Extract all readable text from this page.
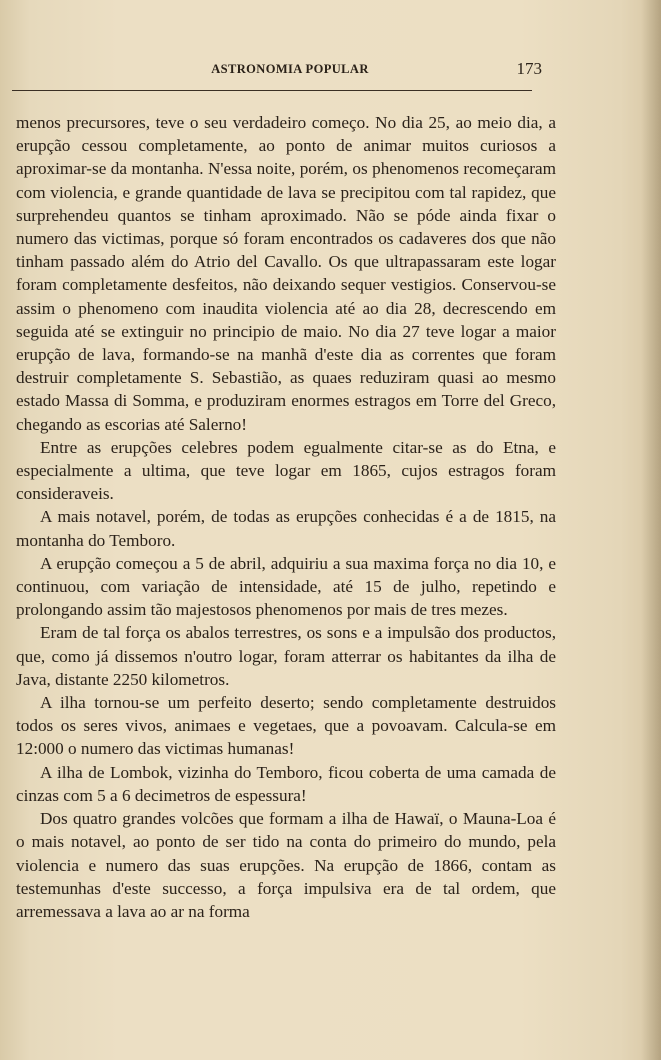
ASTRONOMIA POPULAR	173

menos precursores, teve o seu verdadeiro começo. No dia 25, ao meio dia, a erupção cessou completamente, ao ponto de animar muitos curiosos a aproximar-se da montanha. N'essa noite, porém, os phenomenos recomeçaram com violencia, e grande quantidade de lava se precipitou com tal rapidez, que surprehendeu quantos se tinham aproximado. Não se póde ainda fixar o numero das victimas, porque só foram encontrados os cadaveres dos que não tinham passado além do Atrio del Cavallo. Os que ultrapassaram este logar foram completamente desfeitos, não deixando sequer vestigios. Conservou-se assim o phenomeno com inaudita violencia até ao dia 28, decrescendo em seguida até se extinguir no principio de maio. No dia 27 teve logar a maior erupção de lava, formando-se na manhã d'este dia as correntes que foram destruir completamente S. Sebastião, as quaes reduziram quasi ao mesmo estado Massa di Somma, e produziram enormes estragos em Torre del Greco, chegando as escorias até Salerno!

Entre as erupções celebres podem egualmente citar-se as do Etna, e especialmente a ultima, que teve logar em 1865, cujos estragos foram consideraveis.

A mais notavel, porém, de todas as erupções conhecidas é a de 1815, na montanha do Temboro.

A erupção começou a 5 de abril, adquiriu a sua maxima força no dia 10, e continuou, com variação de intensidade, até 15 de julho, repetindo e prolongando assim tão majestosos phenomenos por mais de tres mezes.

Eram de tal força os abalos terrestres, os sons e a impulsão dos productos, que, como já dissemos n'outro logar, foram atterrar os habitantes da ilha de Java, distante 2250 kilometros.

A ilha tornou-se um perfeito deserto; sendo completamente destruidos todos os seres vivos, animaes e vegetaes, que a povoavam. Calcula-se em 12:000 o numero das victimas humanas!

A ilha de Lombok, vizinha do Temboro, ficou coberta de uma camada de cinzas com 5 a 6 decimetros de espessura!

Dos quatro grandes volcões que formam a ilha de Hawaï, o Mauna-Loa é o mais notavel, ao ponto de ser tido na conta do primeiro do mundo, pela violencia e numero das suas erupções. Na erupção de 1866, contam as testemunhas d'este successo, a força impulsiva era de tal ordem, que arremessava a lava ao ar na forma
